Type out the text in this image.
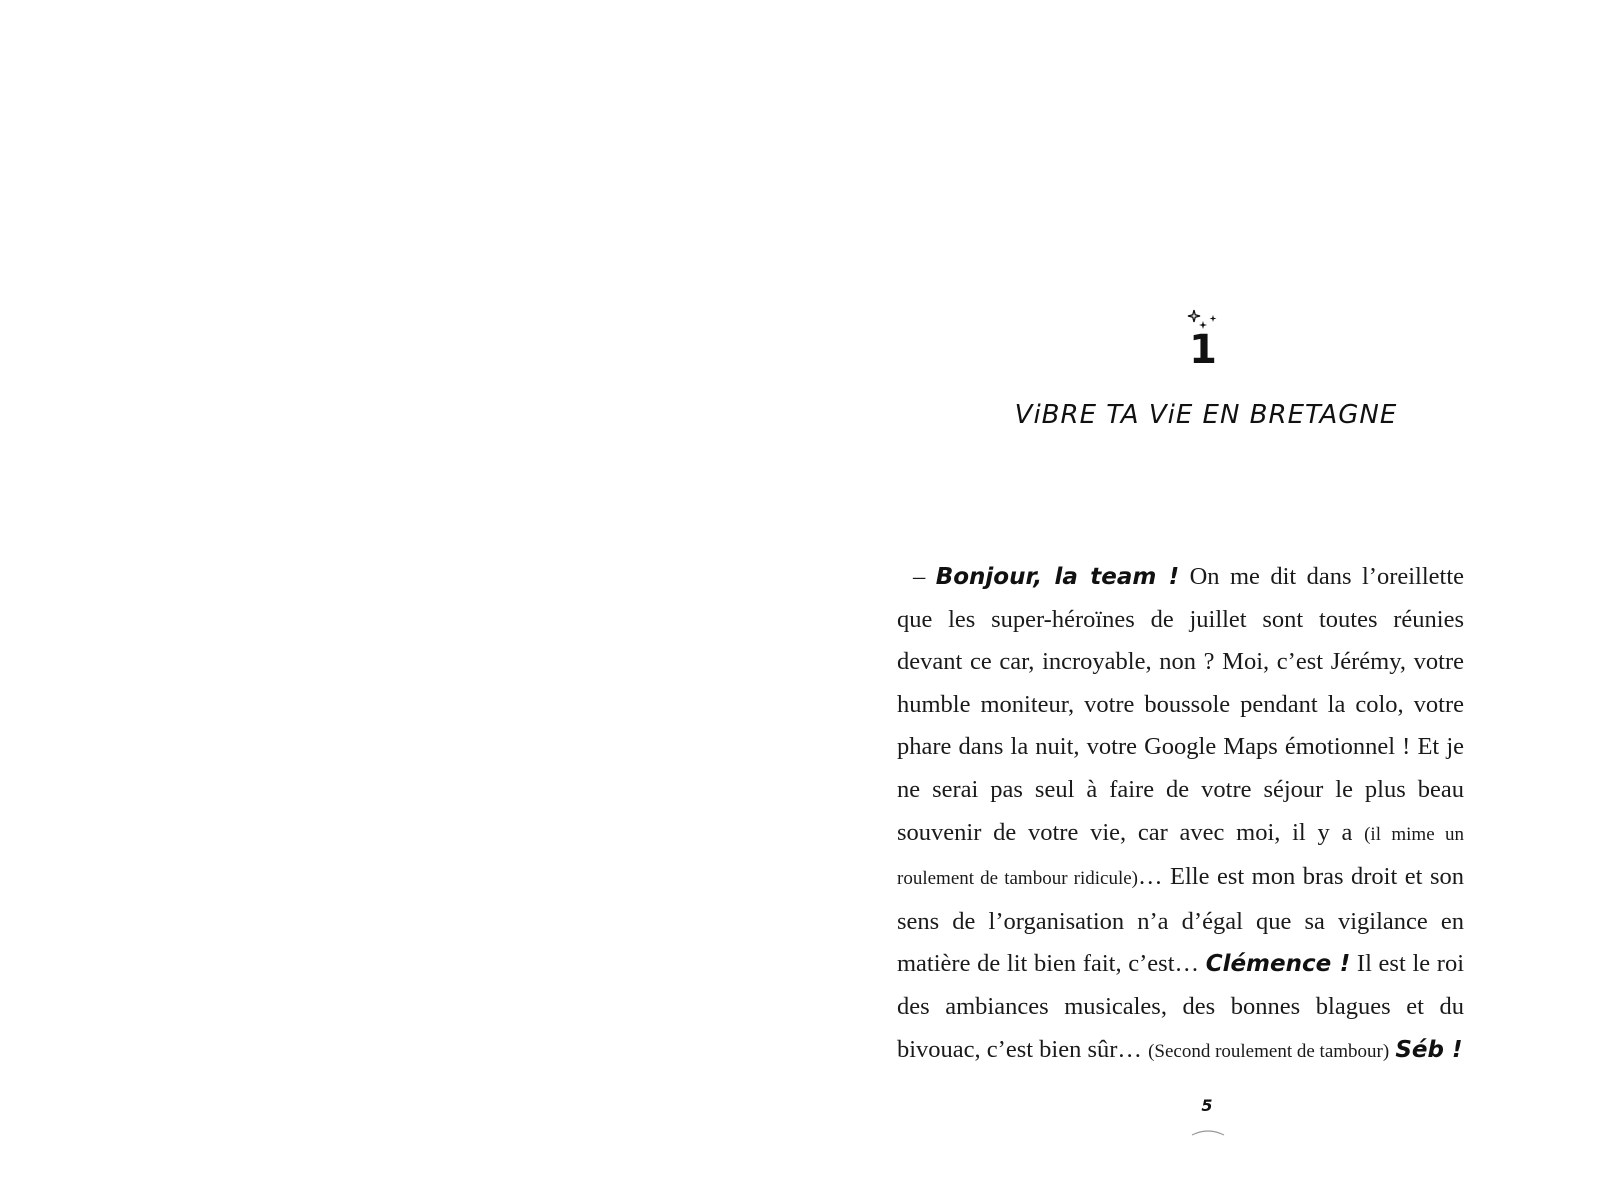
1
ViBRE TA ViE EN BRETAGNE

– Bonjour, la team ! On me dit dans l’oreillette que les super-héroïnes de juillet sont toutes réunies devant ce car, incroyable, non ? Moi, c’est Jérémy, votre humble moniteur, votre boussole pendant la colo, votre phare dans la nuit, votre Google Maps émotionnel ! Et je ne serai pas seul à faire de votre séjour le plus beau souvenir de votre vie, car avec moi, il y a (il mime un roulement de tambour ridicule)… Elle est mon bras droit et son sens de l’organisation n’a d’égal que sa vigilance en matière de lit bien fait, c’est… Clémence ! Il est le roi des ambiances musicales, des bonnes blagues et du bivouac, c’est bien sûr… (Second roulement de tambour) Séb !

5
